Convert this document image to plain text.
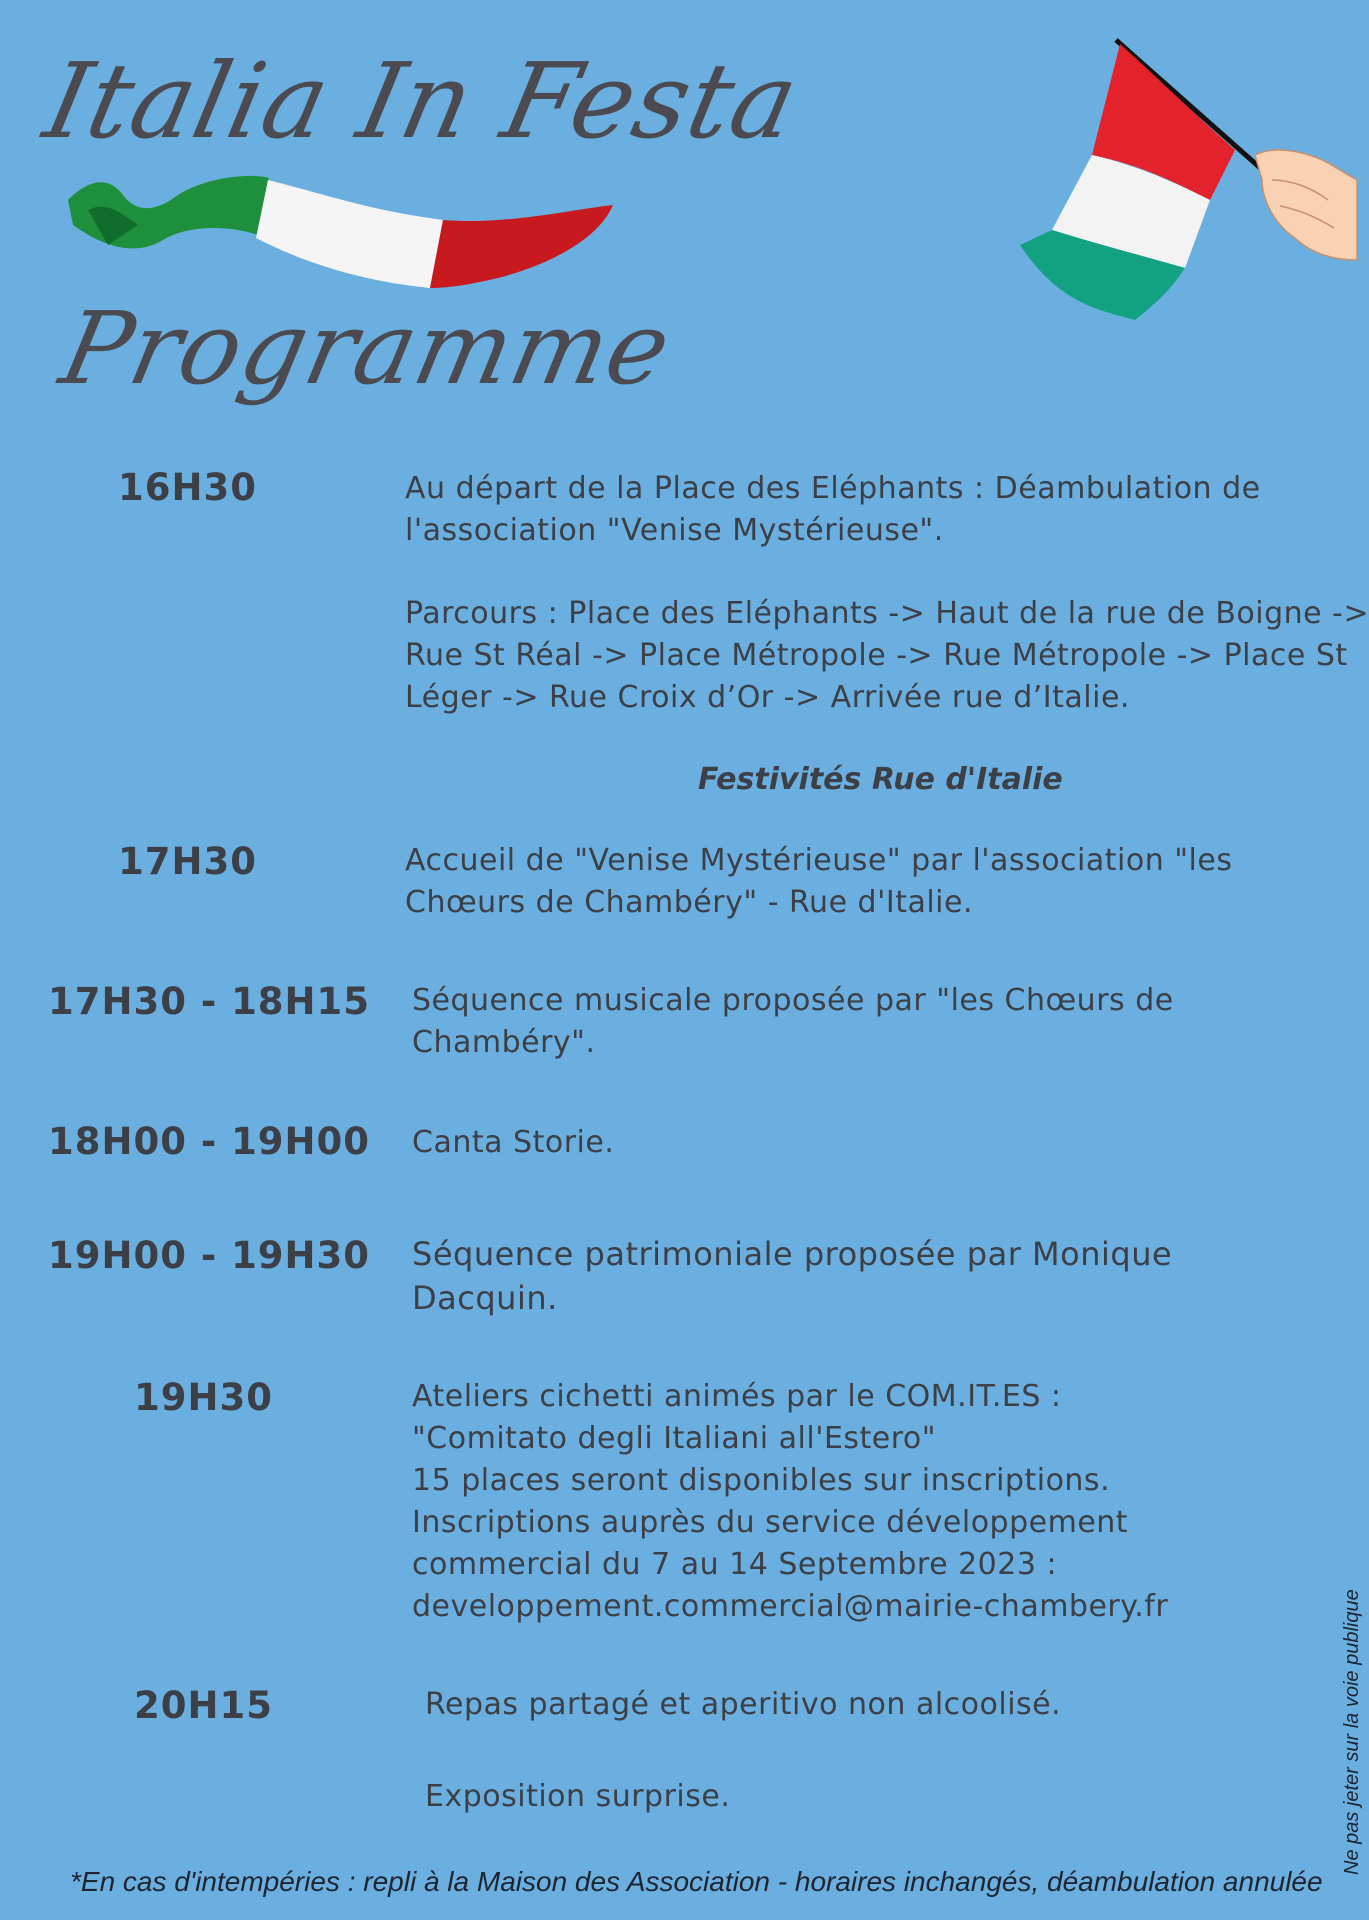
Italia In Festa
Programme
16H30	Au départ de la Place des Eléphants : Déambulation de

l'association "Venise Mystérieuse".

Parcours : Place des Eléphants -> Haut de la rue de Boigne ->

Rue St Réal -> Place Métropole -> Rue Métropole -> Place St

Léger -> Rue Croix d’Or -> Arrivée rue d’Italie.

Festivités Rue d'Italie
17H30	Accueil de "Venise Mystérieuse" par l'association "les

Chœurs de Chambéry" - Rue d'Italie.

17H30 - 18H15 Séquence musicale proposée par "les Chœurs de

Chambéry".

18H00 - 19H00 Canta Storie.

19H00 - 19H30 Séquence patrimoniale proposée par Monique

Dacquin.

19H30	Ateliers cichetti animés par le COM.IT.ES :

"Comitato degli Italiani all'Estero"

15 places seront disponibles sur inscriptions.

Inscriptions auprès du service développement

commercial du 7 au 14 Septembre 2023 :

developpement.commercial@mairie-chambery.fr

20H15	Repas partagé et aperitivo non alcoolisé.

Exposition surprise.	Ne pas jeter sur la voie publique
*En cas d'intempéries : repli à la Maison des Association - horaires inchangés, déambulation annulée
